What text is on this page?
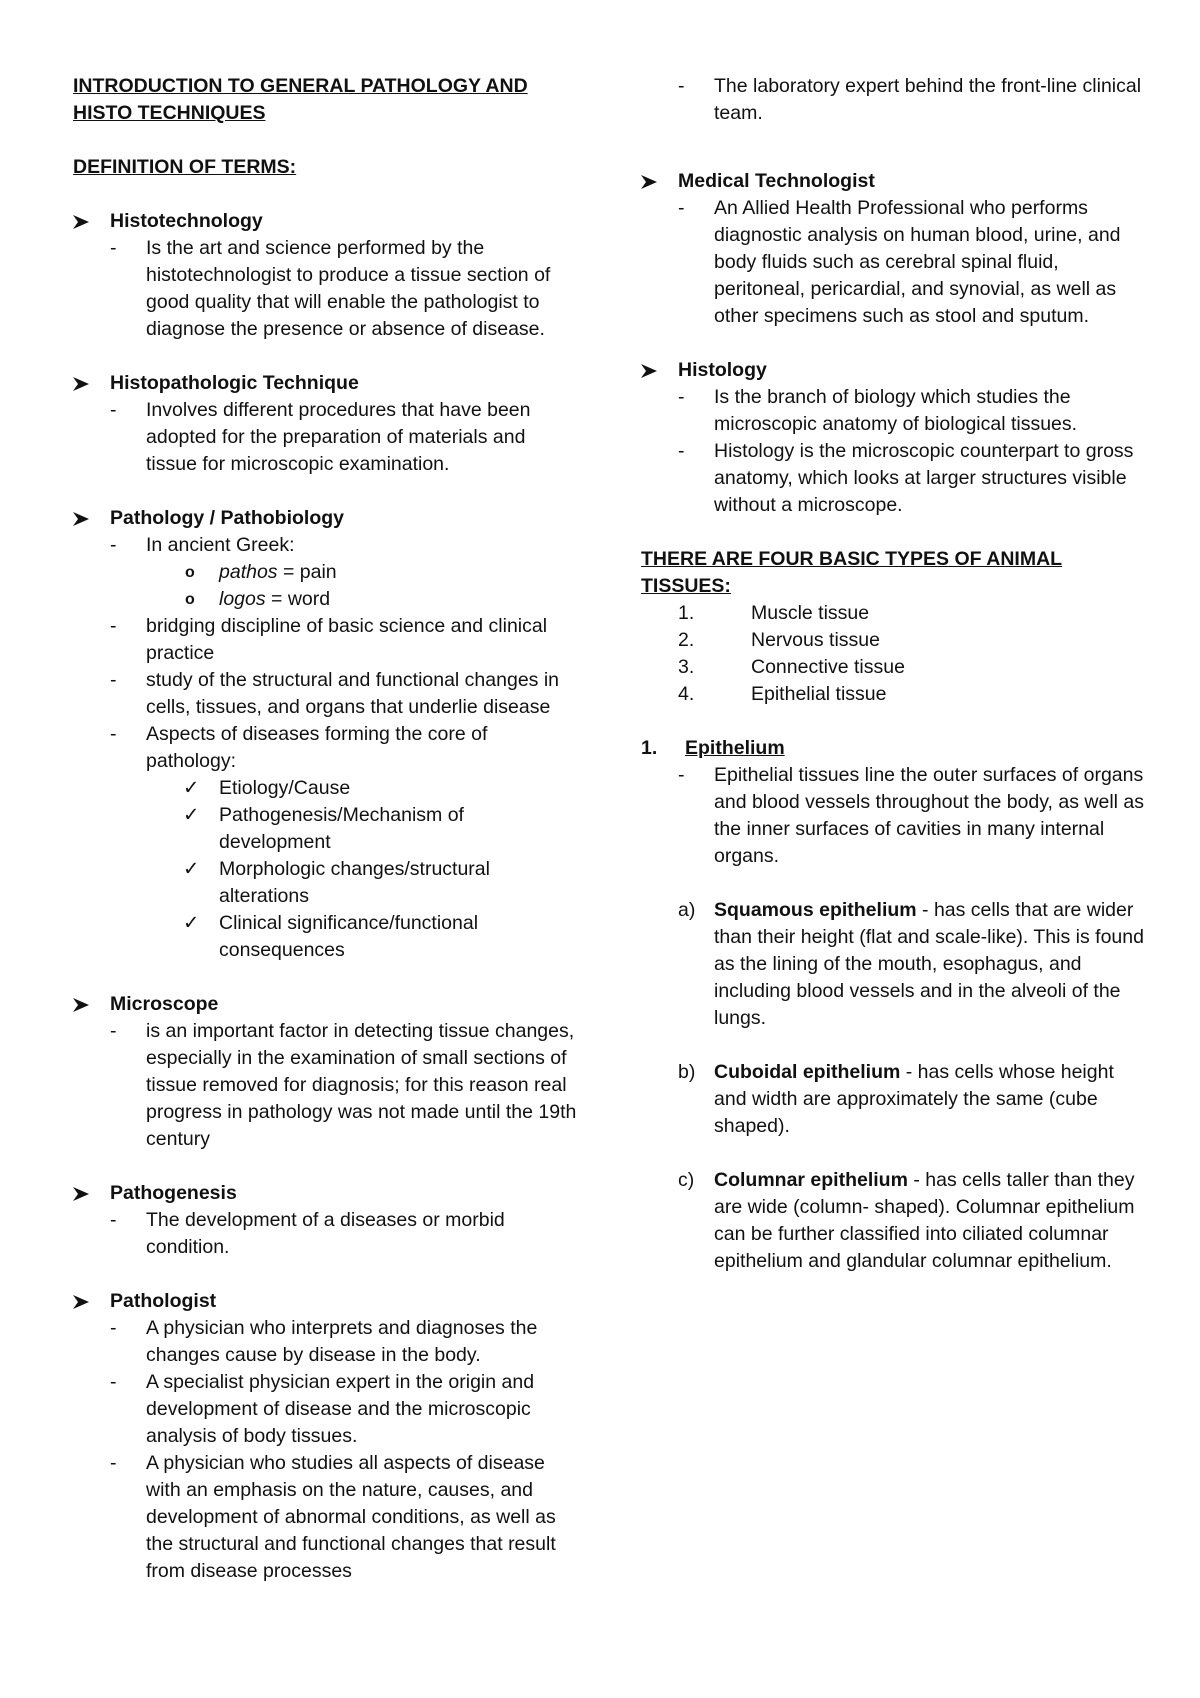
INTRODUCTION TO GENERAL PATHOLOGY AND
HISTO TECHNIQUES
DEFINITION OF TERMS:
Histotechnology
- Is the art and science performed by the histotechnologist to produce a tissue section of good quality that will enable the pathologist to diagnose the presence or absence of disease.
Histopathologic Technique
- Involves different procedures that have been adopted for the preparation of materials and tissue for microscopic examination.
Pathology / Pathobiology
- In ancient Greek:
o pathos = pain
o logos = word
- bridging discipline of basic science and clinical practice
- study of the structural and functional changes in cells, tissues, and organs that underlie disease
- Aspects of diseases forming the core of pathology:
✓ Etiology/Cause
✓ Pathogenesis/Mechanism of development
✓ Morphologic changes/structural alterations
✓ Clinical significance/functional consequences
Microscope
- is an important factor in detecting tissue changes, especially in the examination of small sections of tissue removed for diagnosis; for this reason real progress in pathology was not made until the 19th century
Pathogenesis
- The development of a diseases or morbid condition.
Pathologist
- A physician who interprets and diagnoses the changes cause by disease in the body.
- A specialist physician expert in the origin and development of disease and the microscopic analysis of body tissues.
- A physician who studies all aspects of disease with an emphasis on the nature, causes, and development of abnormal conditions, as well as the structural and functional changes that result from disease processes
- The laboratory expert behind the front-line clinical team.
Medical Technologist
- An Allied Health Professional who performs diagnostic analysis on human blood, urine, and body fluids such as cerebral spinal fluid, peritoneal, pericardial, and synovial, as well as other specimens such as stool and sputum.
Histology
- Is the branch of biology which studies the microscopic anatomy of biological tissues.
- Histology is the microscopic counterpart to gross anatomy, which looks at larger structures visible without a microscope.
THERE ARE FOUR BASIC TYPES OF ANIMAL
TISSUES:
1.	Muscle tissue
2.	Nervous tissue
3.	Connective tissue
4.	Epithelial tissue
1. Epithelium
- Epithelial tissues line the outer surfaces of organs and blood vessels throughout the body, as well as the inner surfaces of cavities in many internal organs.
a) Squamous epithelium - has cells that are wider than their height (flat and scale-like). This is found as the lining of the mouth, esophagus, and including blood vessels and in the alveoli of the lungs.
b) Cuboidal epithelium - has cells whose height and width are approximately the same (cube shaped).
c) Columnar epithelium - has cells taller than they are wide (column- shaped). Columnar epithelium can be further classified into ciliated columnar epithelium and glandular columnar epithelium.
